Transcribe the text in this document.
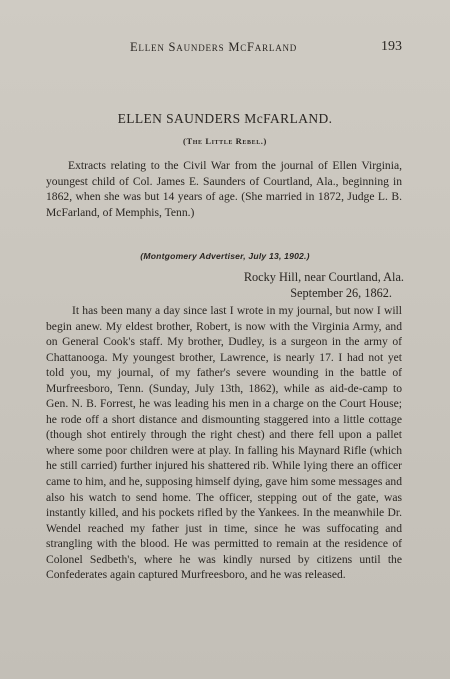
Ellen Saunders McFarland	193
ELLEN SAUNDERS McFARLAND.
(The Little Rebel.)

Extracts relating to the Civil War from the journal of Ellen Virginia, youngest child of Col. James E. Saunders of Courtland, Ala., beginning in 1862, when she was but 14 years of age. (She married in 1872, Judge L. B. McFarland, of Memphis, Tenn.)

(Montgomery Advertiser, July 13, 1902.)
Rocky Hill, near Courtland, Ala.
September 26, 1862.

It has been many a day since last I wrote in my journal, but now I will begin anew. My eldest brother, Robert, is now with the Virginia Army, and on General Cook's staff. My brother, Dudley, is a surgeon in the army of Chattanooga. My youngest brother, Lawrence, is nearly 17. I had not yet told you, my journal, of my father's severe wounding in the battle of Murfreesboro, Tenn. (Sunday, July 13th, 1862), while as aid-de-camp to Gen. N. B. Forrest, he was leading his men in a charge on the Court House; he rode off a short distance and dismounting staggered into a little cottage (though shot entirely through the right chest) and there fell upon a pallet where some poor children were at play. In falling his Maynard Rifle (which he still carried) further injured his shattered rib. While lying there an officer came to him, and he, supposing himself dying, gave him some messages and also his watch to send home. The officer, stepping out of the gate, was instantly killed, and his pockets rifled by the Yankees. In the meanwhile Dr. Wendel reached my father just in time, since he was suffocating and strangling with the blood. He was permitted to remain at the residence of Colonel Sedbeth's, where he was kindly nursed by citizens until the Confederates again captured Murfreesboro, and he was released.
